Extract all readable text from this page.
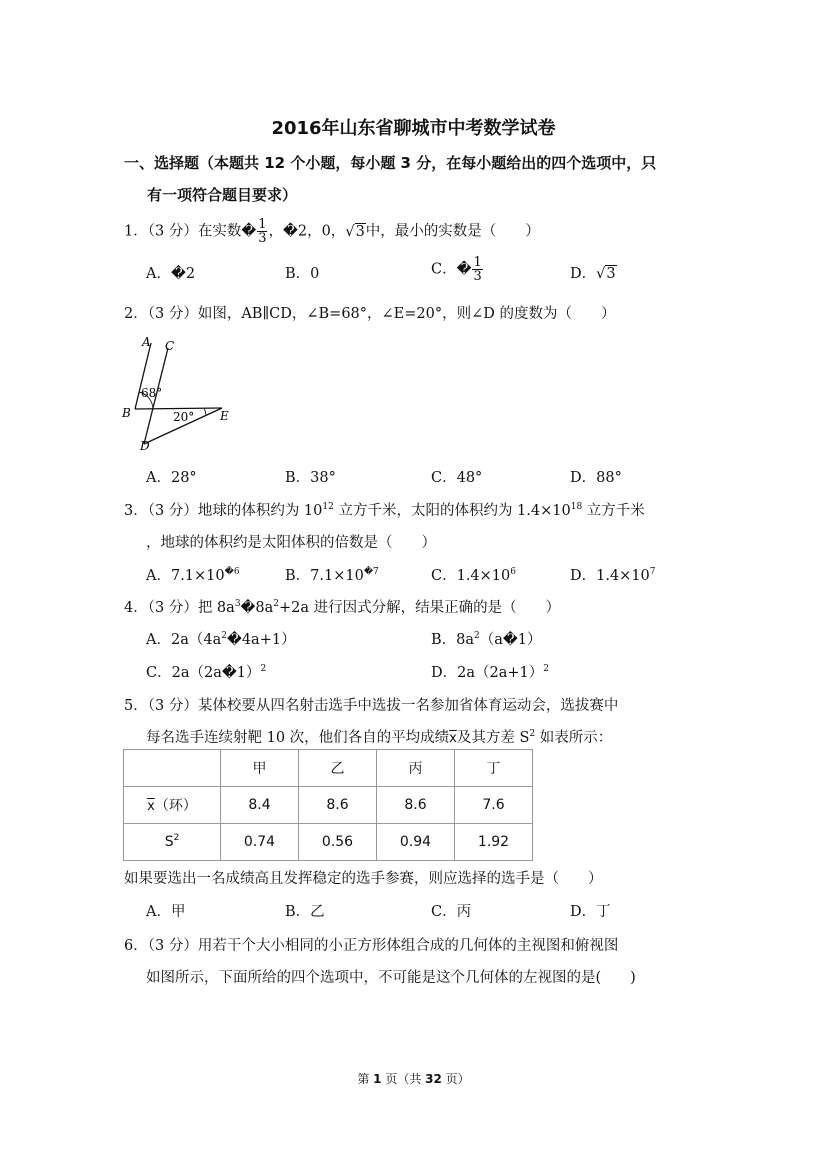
2016年山东省聊城市中考数学试卷
一、选择题（本题共 12 个小题，每小题 3 分，在每小题给出的四个选项中，只
有一项符合题目要求）
1．（3 分）在实数� $\frac{1}{3}$ ，�2，0，√3中，最小的实数是（　　）
A．�2	B．0	C．� $\frac{1}{3}$	D．√3
2．（3 分）如图，AB∥CD，∠B=68°，∠E=20°，则∠D 的度数为（　　）
A C
B	E
D
68°
20°
A．28°	B．38°	C．48°	D．88°
3．（3 分）地球的体积约为 $10^{12}$ 立方千米，太阳的体积约为 $1.4\times 10^{18}$ 立方千米
，地球的体积约是太阳体积的倍数是（　　）
A．$7.1\times 10^{�6}$	B．$7.1\times 10^{�7}$	C．$1.4\times 10^6$	D．$1.4\times 10^7$
4．（3 分）把 $8a^3�8a^2+2a$ 进行因式分解，结果正确的是（　　）
A．$2a(4a^2�4a+1)$	B．$8a^2(a�1)$
C．2a（2a�1）$^2$	D．$2a(2a+1)^2$
5．（3 分）某体校要从四名射击选手中选拔一名参加省体育运动会，选拔赛中
每名选手连续射靶 10 次，他们各自的平均成绩$\overline{x}$及其方差 $S^2$ 如表所示：
	甲	乙	丙	丁
$\overline{x}$（环）	8.4	8.6	8.6	7.6
$S^2$	0.74	0.56	0.94	1.92
如果要选出一名成绩高且发挥稳定的选手参赛，则应选择的选手是（　　）
A．甲	B．乙	C．丙	D．丁
6．（3 分）用若干个大小相同的小正方形体组合成的几何体的主视图和俯视图
如图所示，下面所给的四个选项中，不可能是这个几何体的左视图的是(　　)
第 1 页（共 32 页）
